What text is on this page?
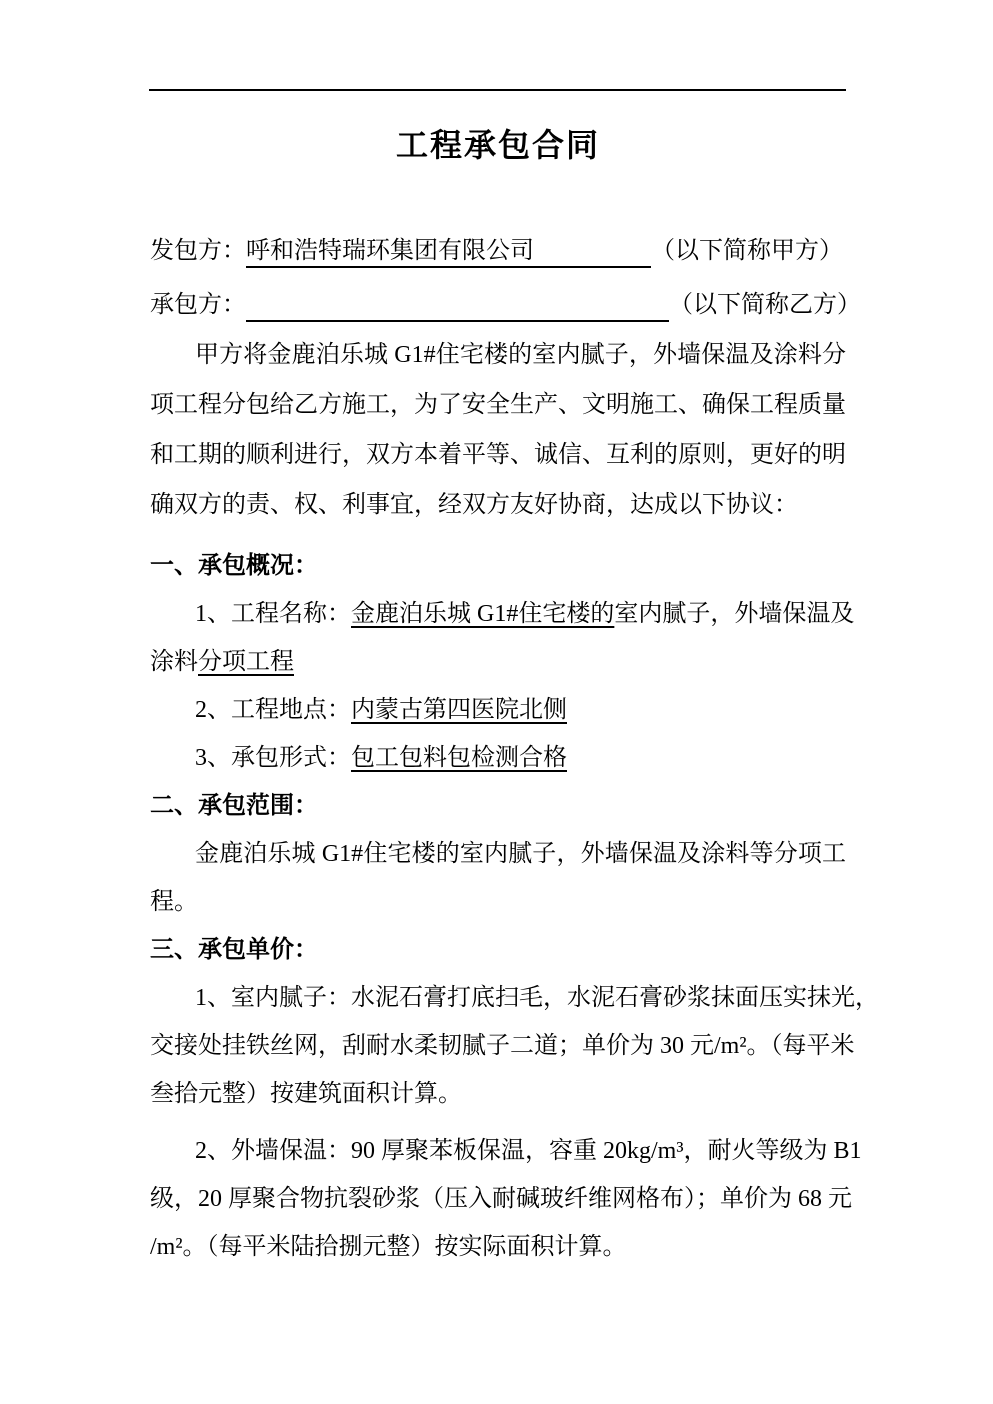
工程承包合同
发包方：呼和浩特瑞环集团有限公司	（以下简称甲方）
承包方：	（以下简称乙方）
甲方将金鹿泊乐城 G1#住宅楼的室内腻子，外墙保温及涂料分
项工程分包给乙方施工，为了安全生产、文明施工、确保工程质量
和工期的顺利进行，双方本着平等、诚信、互利的原则，更好的明
确双方的责、权、利事宜，经双方友好协商，达成以下协议：
一、承包概况：
1、工程名称：金鹿泊乐城 G1#住宅楼的室内腻子，外墙保温及
涂料分项工程
2、工程地点：内蒙古第四医院北侧
3、承包形式：包工包料包检测合格
二、承包范围：
金鹿泊乐城 G1#住宅楼的室内腻子，外墙保温及涂料等分项工
程。
三、承包单价：
1、室内腻子：水泥石膏打底扫毛，水泥石膏砂浆抹面压实抹光，
交接处挂铁丝网，刮耐水柔韧腻子二道；单价为 30 元/m²。（每平米
叁拾元整）按建筑面积计算。
2、外墙保温：90 厚聚苯板保温，容重 20kg/m³，耐火等级为 B1
级，20 厚聚合物抗裂砂浆（压入耐碱玻纤维网格布）；单价为 68 元
/m²。（每平米陆拾捌元整）按实际面积计算。
